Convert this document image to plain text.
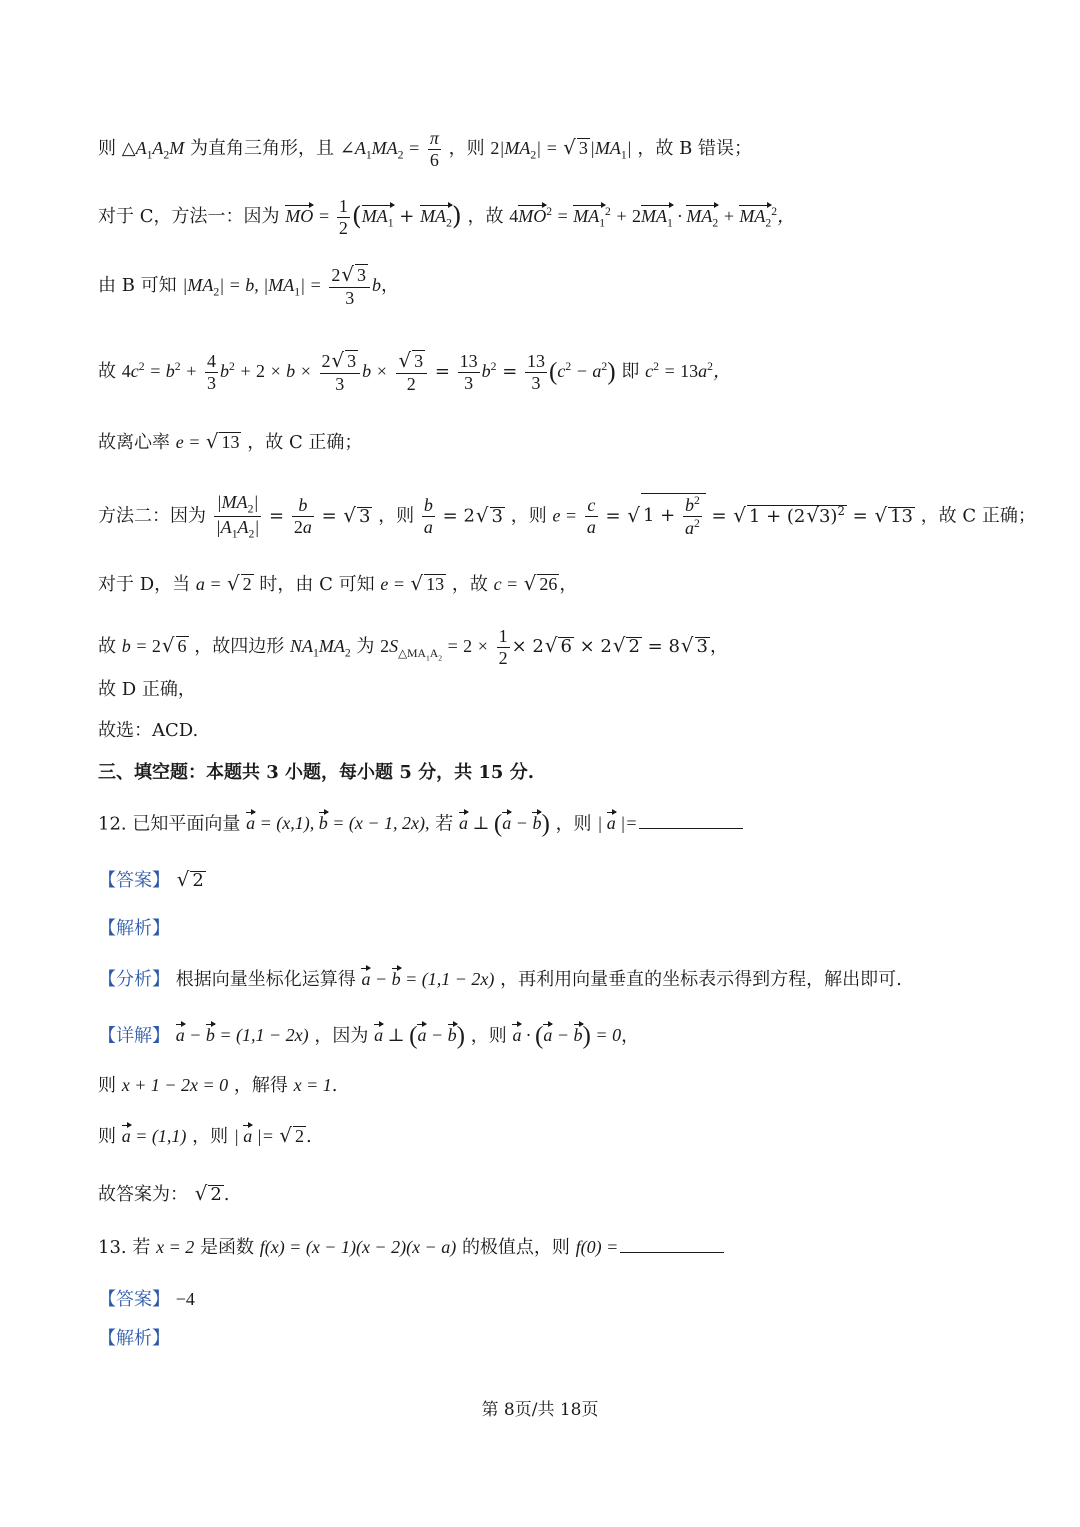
则 $\triangle A_1A_2M$ 为直角三角形，且 $\angle A_1MA_2 = \frac{\pi}{6}$ ，则 $2|MA_2|$ = √ 3 $|MA_1|$ ，故 B 错误；
对于 C，方法一：因为 MO = $\frac{1}{2} (MA_1 + MA_2)$ ，故 $4MO^2 = MA_1^2 + 2MA_1 \cdot MA_2 + MA_2^2$，
由 B 可知 $|MA_2| = b$, $|MA_1| = \frac{2√ 3}{3}$ b，
故 $4c^2 = b^2 + \frac{4}{3} b^2 + 2 \times b \times \frac{2√ 3}{3}$ $b \times \frac{√ 3}{2} = \frac{13}{3} b^2 = \frac{13}{3} (c^2 - a^2)$ 即 $c^2 = 13a^2$，
故离心率 e = √ 13 ，故 C 正确；
方法二：因为 $\frac{|MA_2|}{|A_1A_2|} = \frac{b}{2a}$ = √ 3 ，则 $\frac{b}{a} = 2√$ 3 ，则 $e = \frac{c}{a}$ = √ $1 + \frac{b^2}{a^2}$ = √ $1 + (2√3)^2$ = √ 13 ，故 C 正确；
对于 D，当 a = √ 2 时，由 C 可知 e = √ 13 ，故 c = √ 26 ，
故 b = 2√ 6 ，故四边形 $NA_1MA_2$ 为 $2S_{\triangle MA_1A_2} = 2 \times \frac{1}{2} \times 2√$ 6 × 2√ 2 = 8√ 3 ，
故 D 正确，
故选：ACD.
三、填空题：本题共 3 小题，每小题 5 分，共 15 分.
12. 已知平面向量 a = (x,1), b = (x − 1, 2x), 若 a ⊥ (a − b) ，则 | a |=
【答案】 √ 2
【解析】
【分析】 根据向量坐标化运算得 a − b = (1,1 − 2x) ，再利用向量垂直的坐标表示得到方程，解出即可.
【详解】 a − b = (1,1 − 2x) ，因为 a ⊥ (a − b) ，则 a · (a − b) = 0，
则 x + 1 − 2x = 0 ，解得 x = 1.
则 a = (1,1) ，则 | a |= √ 2 .
故答案为： √ 2 .
13. 若 x = 2 是函数 f(x) = (x − 1)(x − 2)(x − a) 的极值点，则 f(0) =
【答案】 −4
【解析】
第 8页/共 18页
